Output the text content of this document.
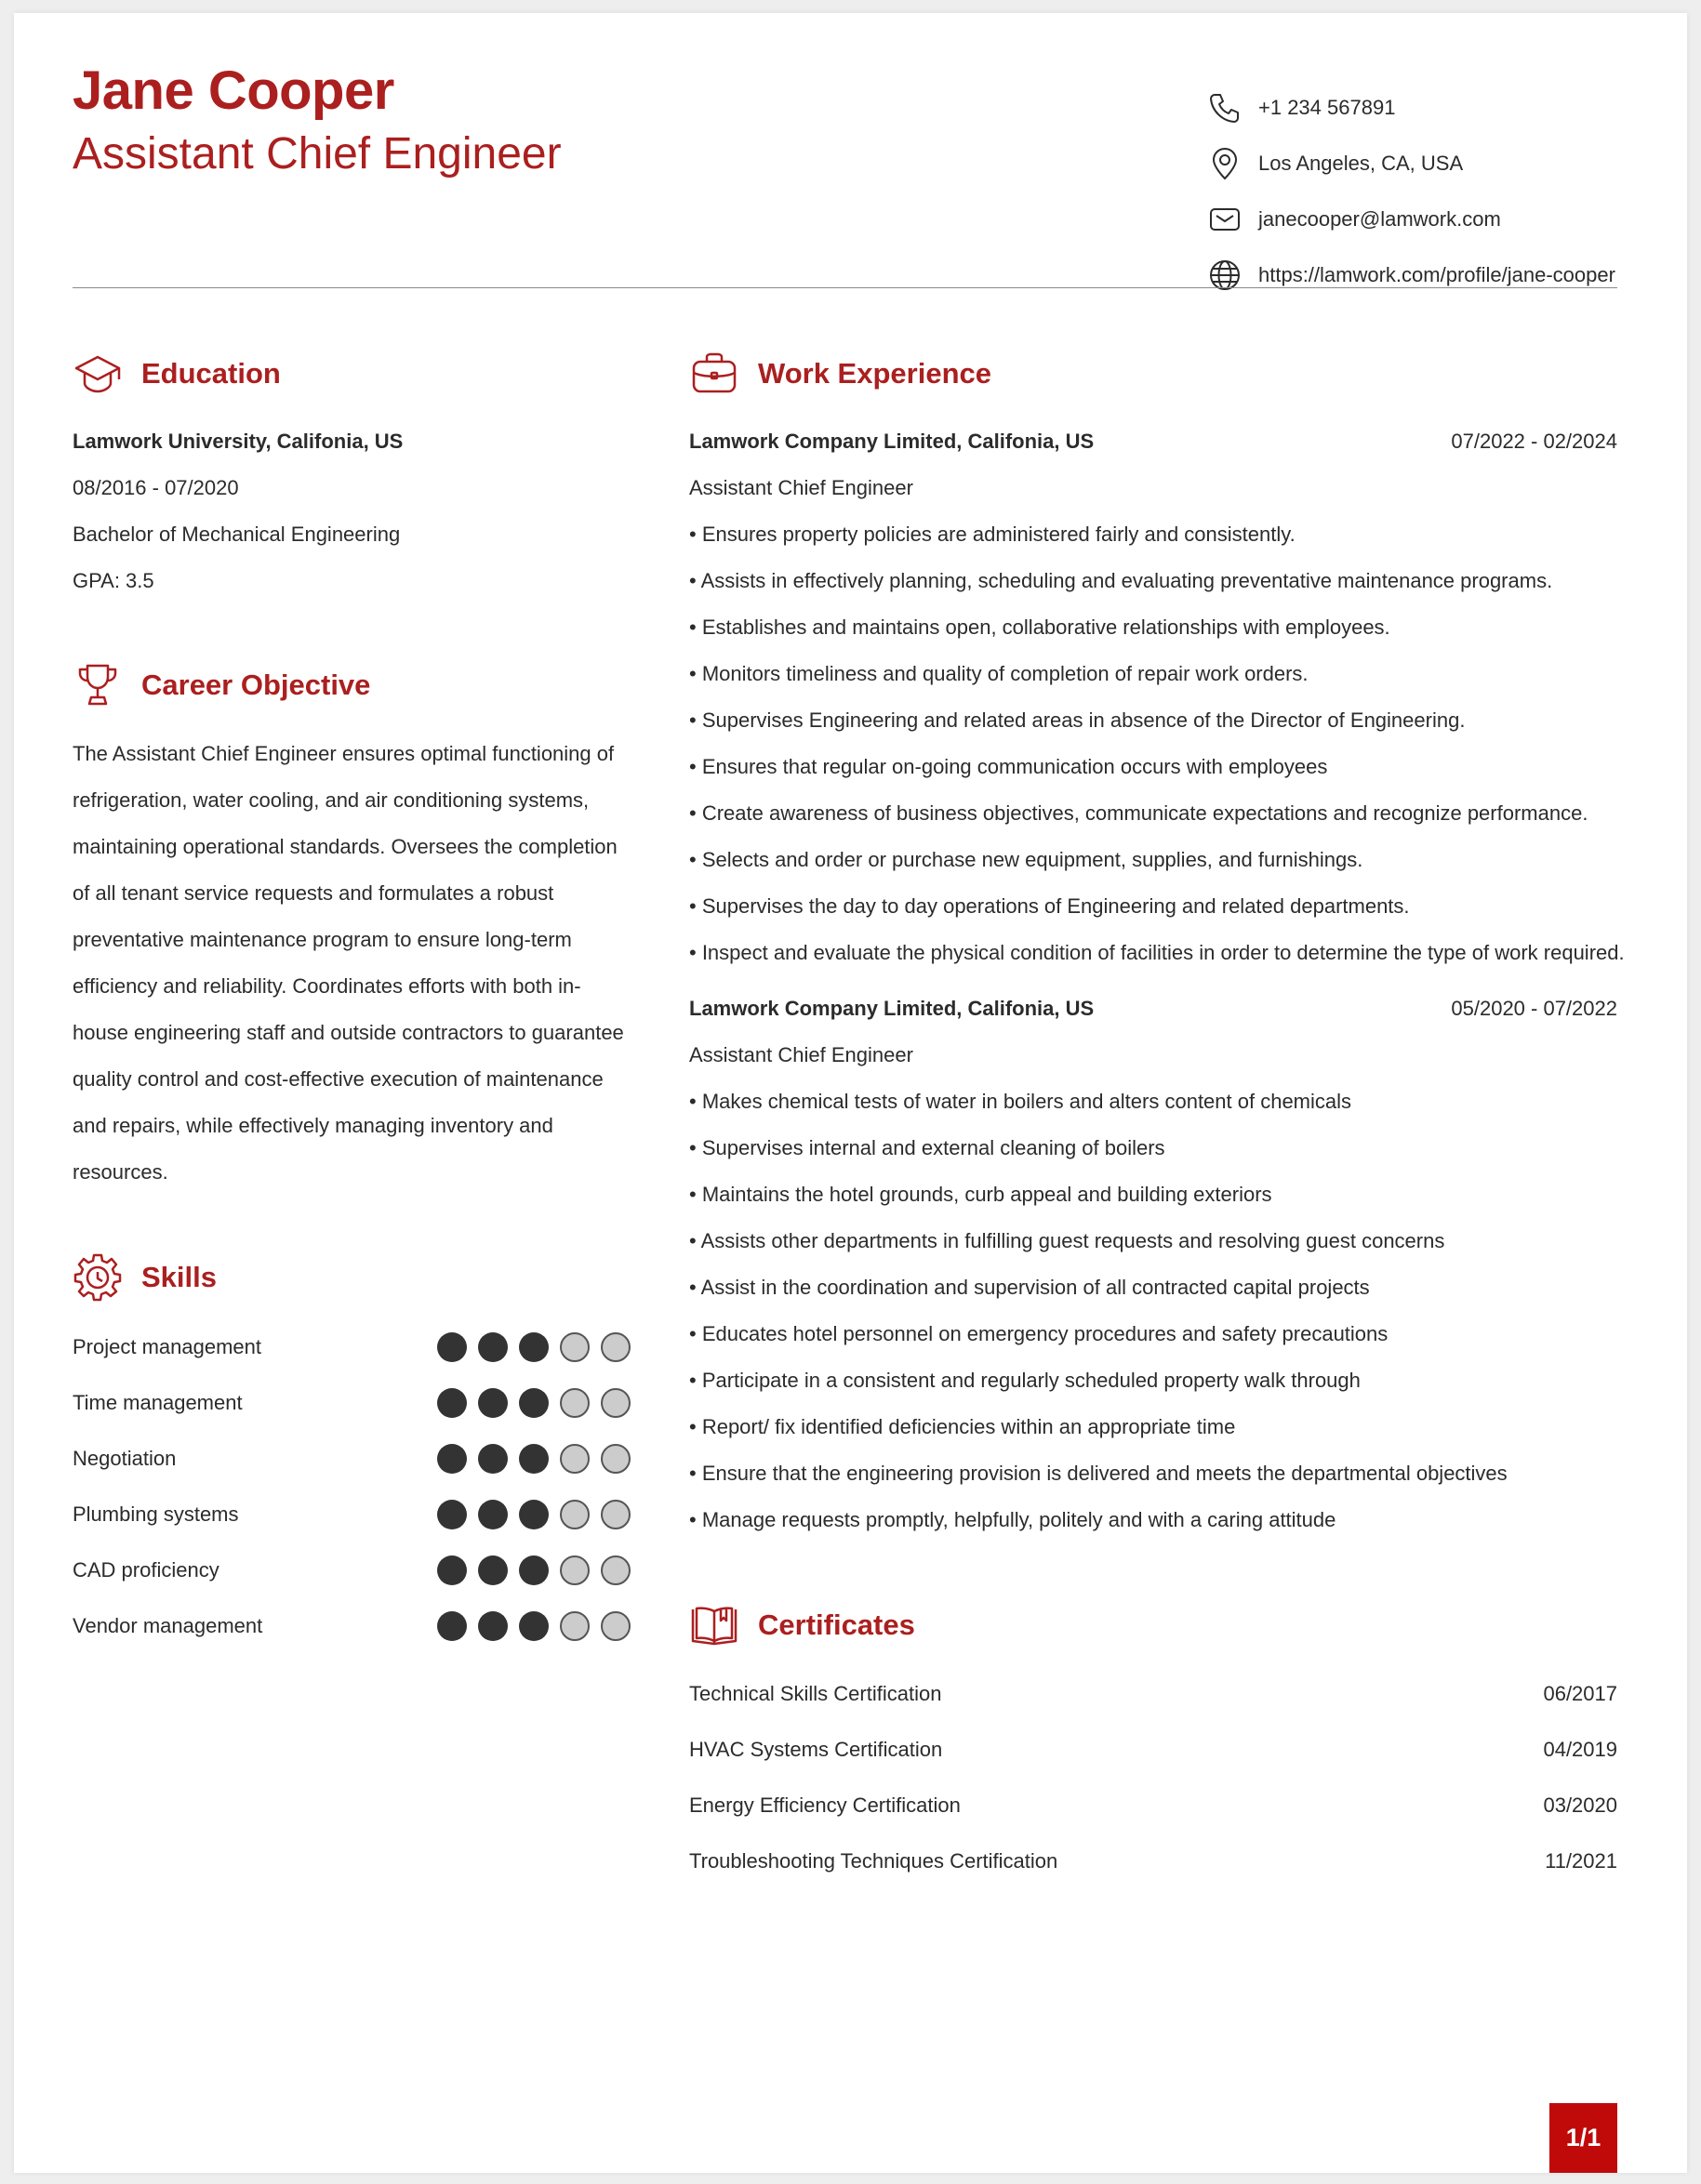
Jane Cooper
Assistant Chief Engineer
+1 234 567891
Los Angeles, CA, USA
janecooper@lamwork.com
https://lamwork.com/profile/jane-cooper
Education
Lamwork University, Califonia, US
08/2016 - 07/2020
Bachelor of Mechanical Engineering
GPA: 3.5
Career Objective
The Assistant Chief Engineer ensures optimal functioning of refrigeration, water cooling, and air conditioning systems, maintaining operational standards. Oversees the completion of all tenant service requests and formulates a robust preventative maintenance program to ensure long-term efficiency and reliability. Coordinates efforts with both in-house engineering staff and outside contractors to guarantee quality control and cost-effective execution of maintenance and repairs, while effectively managing inventory and resources.
Skills
Project management
Time management
Negotiation
Plumbing systems
CAD proficiency
Vendor management
Work Experience
Lamwork Company Limited, Califonia, US	07/2022 - 02/2024
Assistant Chief Engineer
• Ensures property policies are administered fairly and consistently.
• Assists in effectively planning, scheduling and evaluating preventative maintenance programs.
• Establishes and maintains open, collaborative relationships with employees.
• Monitors timeliness and quality of completion of repair work orders.
• Supervises Engineering and related areas in absence of the Director of Engineering.
• Ensures that regular on-going communication occurs with employees
• Create awareness of business objectives, communicate expectations and recognize performance.
• Selects and order or purchase new equipment, supplies, and furnishings.
• Supervises the day to day operations of Engineering and related departments.
• Inspect and evaluate the physical condition of facilities in order to determine the type of work required.
Lamwork Company Limited, Califonia, US	05/2020 - 07/2022
Assistant Chief Engineer
• Makes chemical tests of water in boilers and alters content of chemicals
• Supervises internal and external cleaning of boilers
• Maintains the hotel grounds, curb appeal and building exteriors
• Assists other departments in fulfilling guest requests and resolving guest concerns
• Assist in the coordination and supervision of all contracted capital projects
• Educates hotel personnel on emergency procedures and safety precautions
• Participate in a consistent and regularly scheduled property walk through
• Report/ fix identified deficiencies within an appropriate time
• Ensure that the engineering provision is delivered and meets the departmental objectives
• Manage requests promptly, helpfully, politely and with a caring attitude
Certificates
Technical Skills Certification	06/2017
HVAC Systems Certification	04/2019
Energy Efficiency Certification	03/2020
Troubleshooting Techniques Certification	11/2021
1/1
